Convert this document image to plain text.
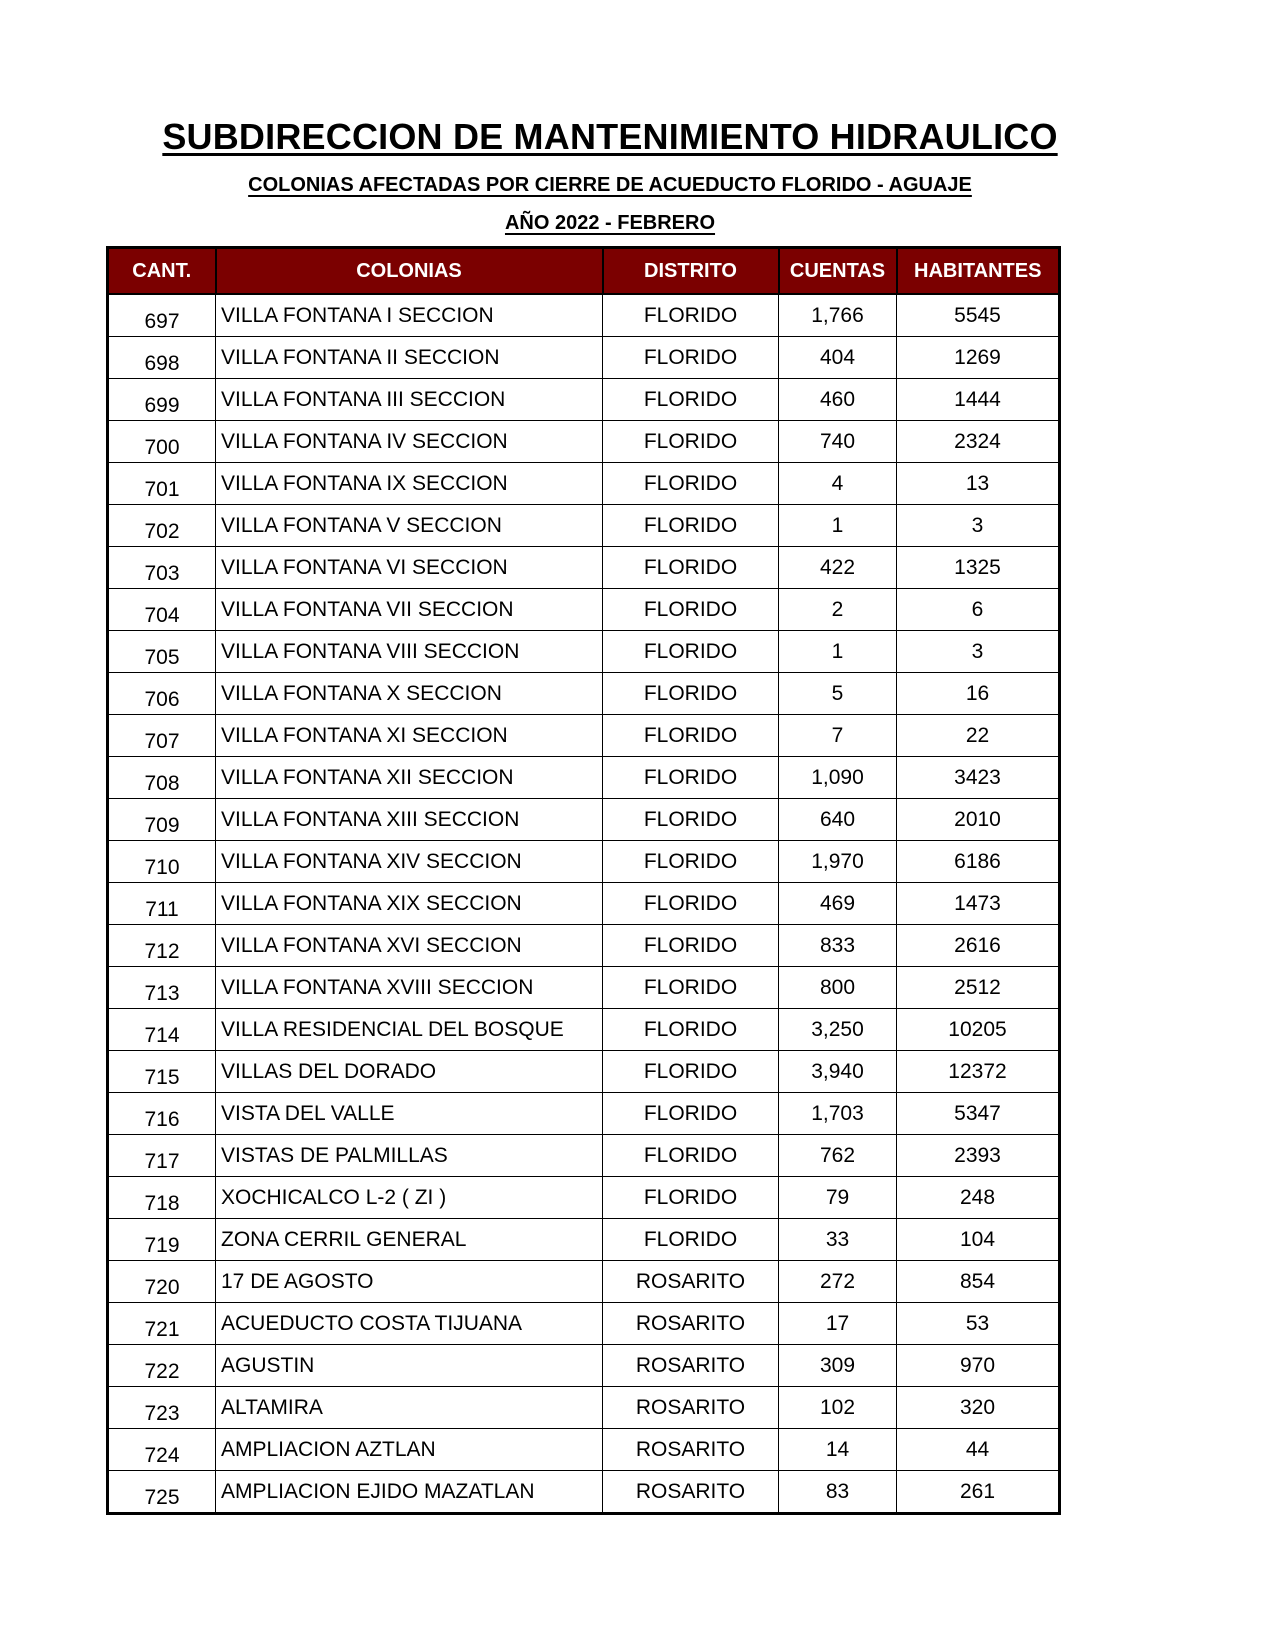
SUBDIRECCION DE MANTENIMIENTO HIDRAULICO
COLONIAS AFECTADAS POR CIERRE DE ACUEDUCTO FLORIDO - AGUAJE
AÑO 2022 - FEBRERO
CANT.	COLONIAS	DISTRITO	CUENTAS	HABITANTES
697	VILLA FONTANA I SECCION	FLORIDO	1,766	5545
698	VILLA FONTANA II SECCION	FLORIDO	404	1269
699	VILLA FONTANA III SECCION	FLORIDO	460	1444
700	VILLA FONTANA IV SECCION	FLORIDO	740	2324
701	VILLA FONTANA IX SECCION	FLORIDO	4	13
702	VILLA FONTANA V SECCION	FLORIDO	1	3
703	VILLA FONTANA VI SECCION	FLORIDO	422	1325
704	VILLA FONTANA VII SECCION	FLORIDO	2	6
705	VILLA FONTANA VIII SECCION	FLORIDO	1	3
706	VILLA FONTANA X SECCION	FLORIDO	5	16
707	VILLA FONTANA XI SECCION	FLORIDO	7	22
708	VILLA FONTANA XII SECCION	FLORIDO	1,090	3423
709	VILLA FONTANA XIII SECCION	FLORIDO	640	2010
710	VILLA FONTANA XIV SECCION	FLORIDO	1,970	6186
711	VILLA FONTANA XIX SECCION	FLORIDO	469	1473
712	VILLA FONTANA XVI SECCION	FLORIDO	833	2616
713	VILLA FONTANA XVIII SECCION	FLORIDO	800	2512
714	VILLA RESIDENCIAL DEL BOSQUE	FLORIDO	3,250	10205
715	VILLAS DEL DORADO	FLORIDO	3,940	12372
716	VISTA DEL VALLE	FLORIDO	1,703	5347
717	VISTAS DE PALMILLAS	FLORIDO	762	2393
718	XOCHICALCO L-2 ( ZI )	FLORIDO	79	248
719	ZONA CERRIL GENERAL	FLORIDO	33	104
720	17 DE AGOSTO	ROSARITO	272	854
721	ACUEDUCTO COSTA TIJUANA	ROSARITO	17	53
722	AGUSTIN	ROSARITO	309	970
723	ALTAMIRA	ROSARITO	102	320
724	AMPLIACION AZTLAN	ROSARITO	14	44
725	AMPLIACION EJIDO MAZATLAN	ROSARITO	83	261
